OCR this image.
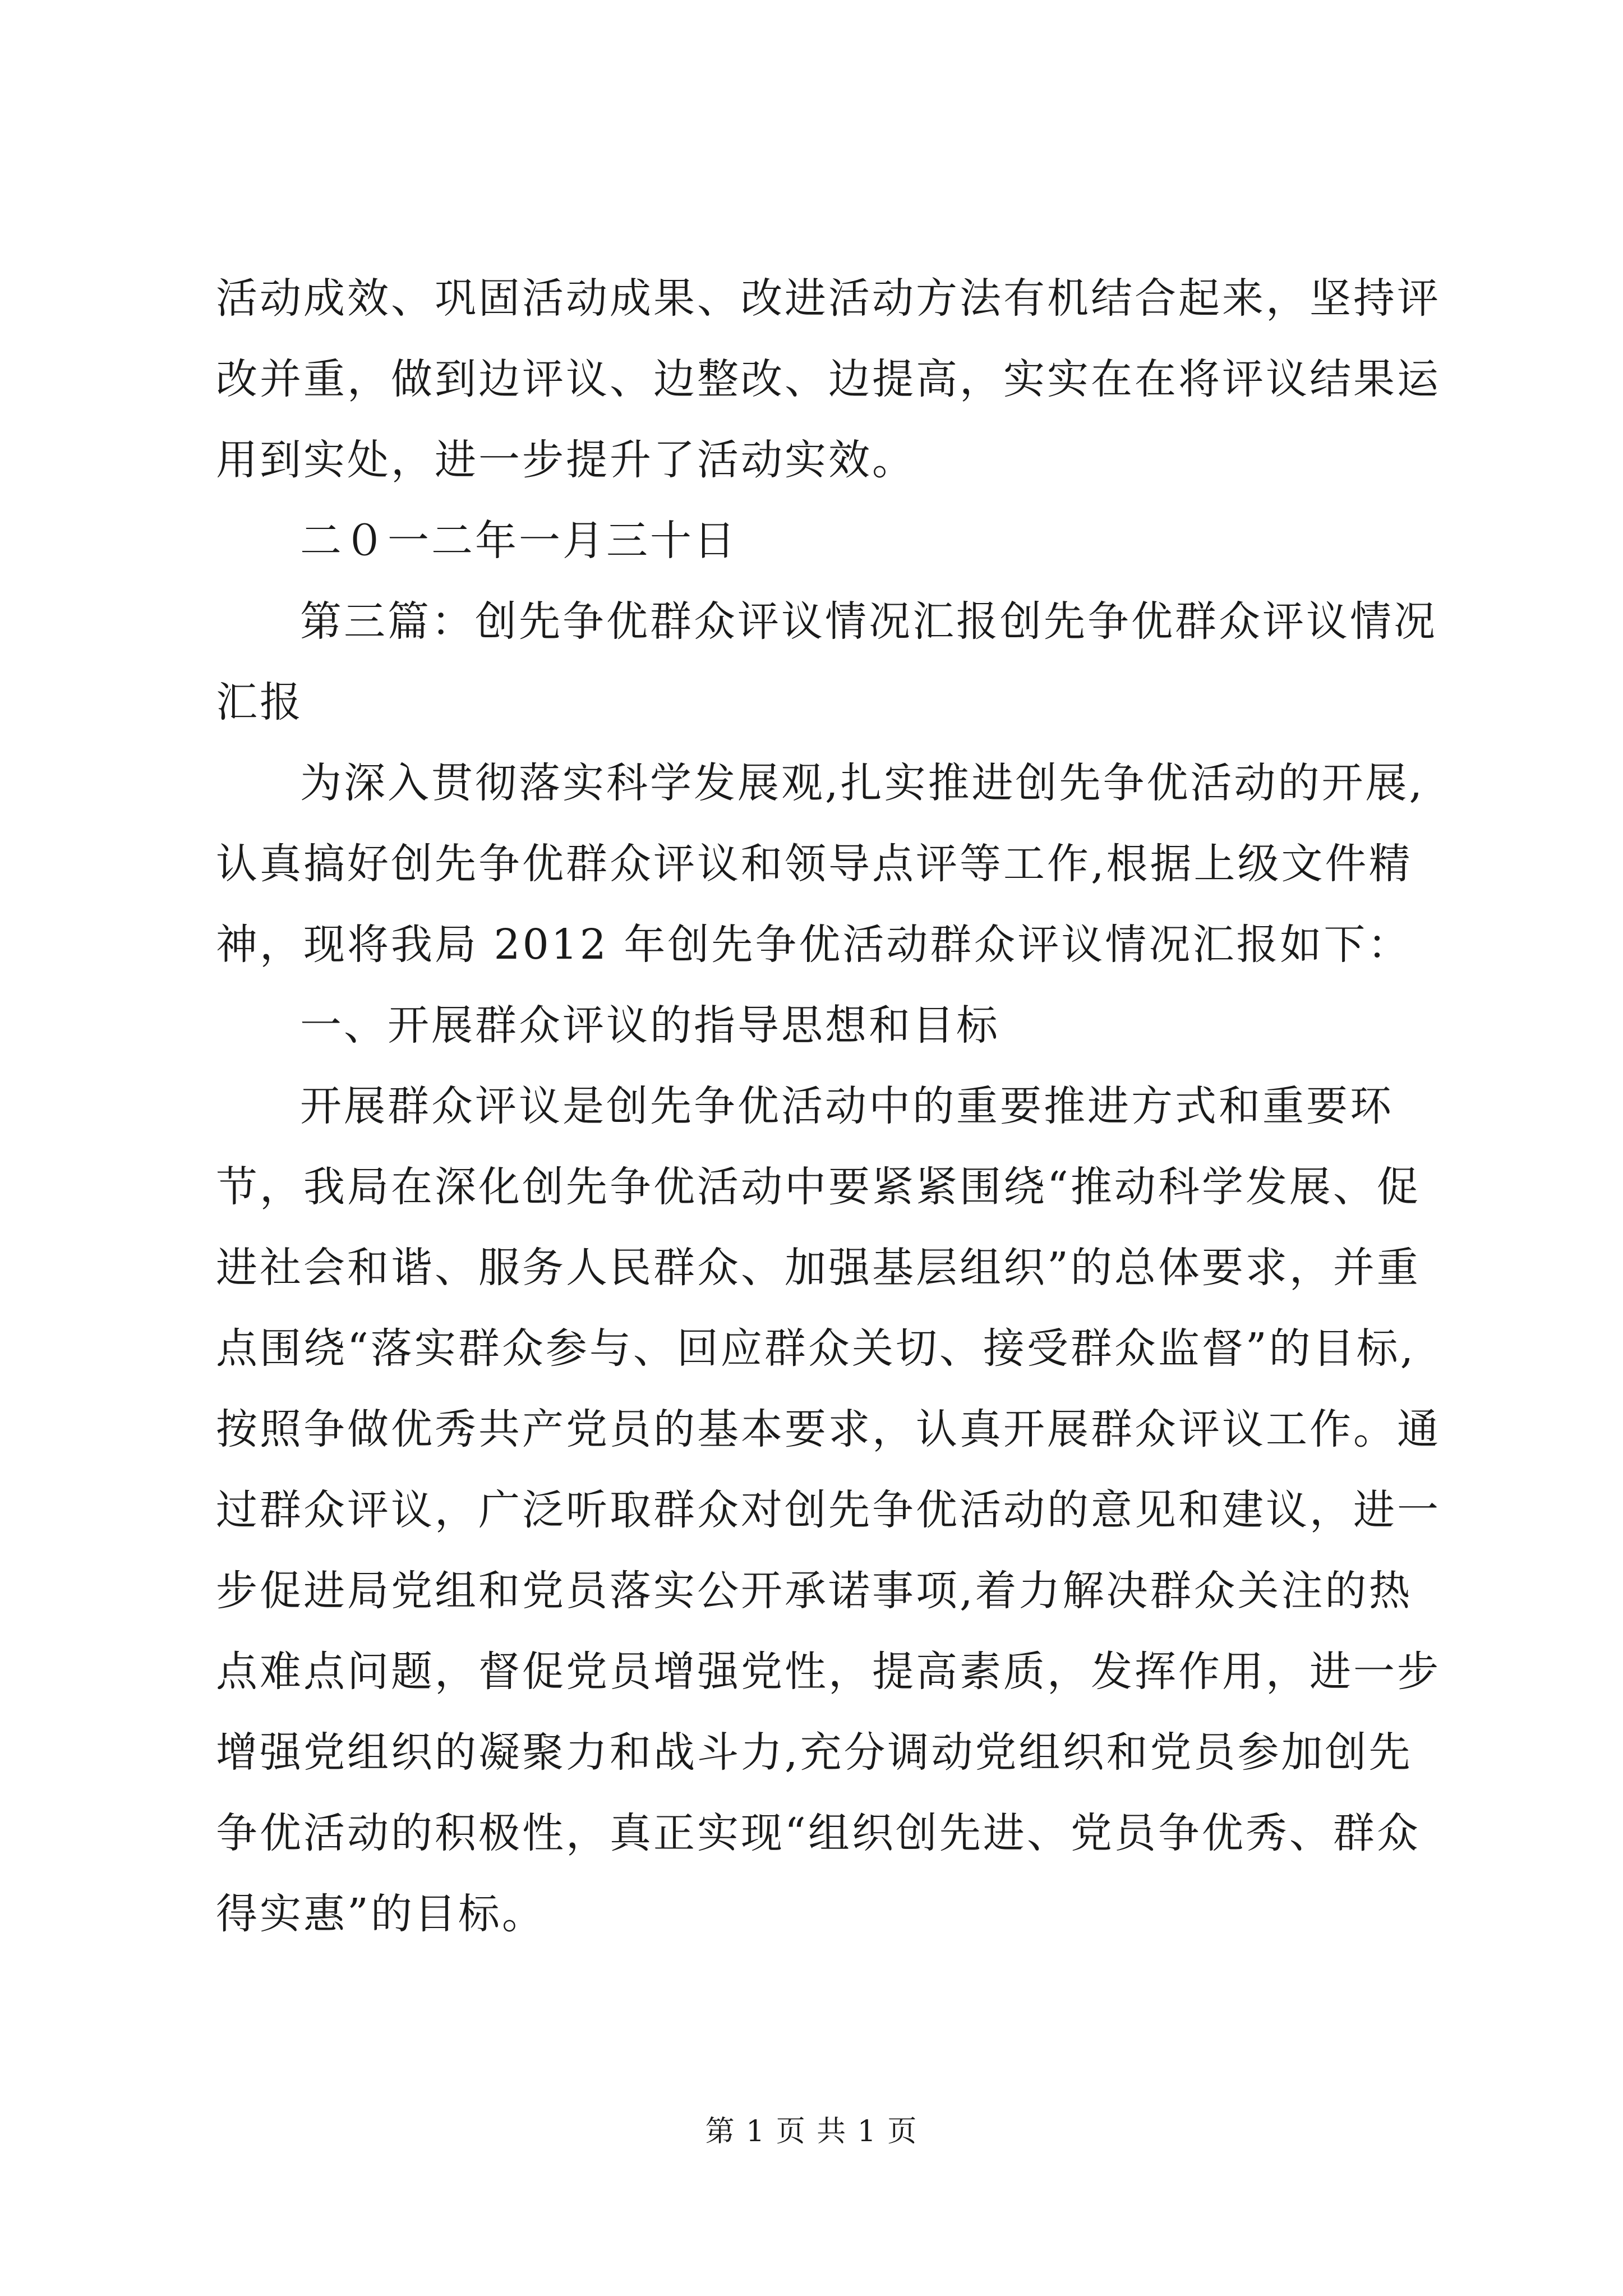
活动成效、巩固活动成果、改进活动方法有机结合起来，坚持评
改并重，做到边评议、边整改、边提高，实实在在将评议结果运
用到实处，进一步提升了活动实效。
二０一二年一月三十日
第三篇：创先争优群众评议情况汇报创先争优群众评议情况
汇报
为深入贯彻落实科学发展观,扎实推进创先争优活动的开展,
认真搞好创先争优群众评议和领导点评等工作,根据上级文件精
神，现将我局 2012 年创先争优活动群众评议情况汇报如下：
一、开展群众评议的指导思想和目标
开展群众评议是创先争优活动中的重要推进方式和重要环
节，我局在深化创先争优活动中要紧紧围绕“推动科学发展、促
进社会和谐、服务人民群众、加强基层组织”的总体要求，并重
点围绕“落实群众参与、回应群众关切、接受群众监督”的目标,
按照争做优秀共产党员的基本要求，认真开展群众评议工作。通
过群众评议，广泛听取群众对创先争优活动的意见和建议，进一
步促进局党组和党员落实公开承诺事项,着力解决群众关注的热
点难点问题，督促党员增强党性，提高素质，发挥作用，进一步
增强党组织的凝聚力和战斗力,充分调动党组织和党员参加创先
争优活动的积极性，真正实现“组织创先进、党员争优秀、群众
得实惠”的目标。
第 1 页 共 1 页
